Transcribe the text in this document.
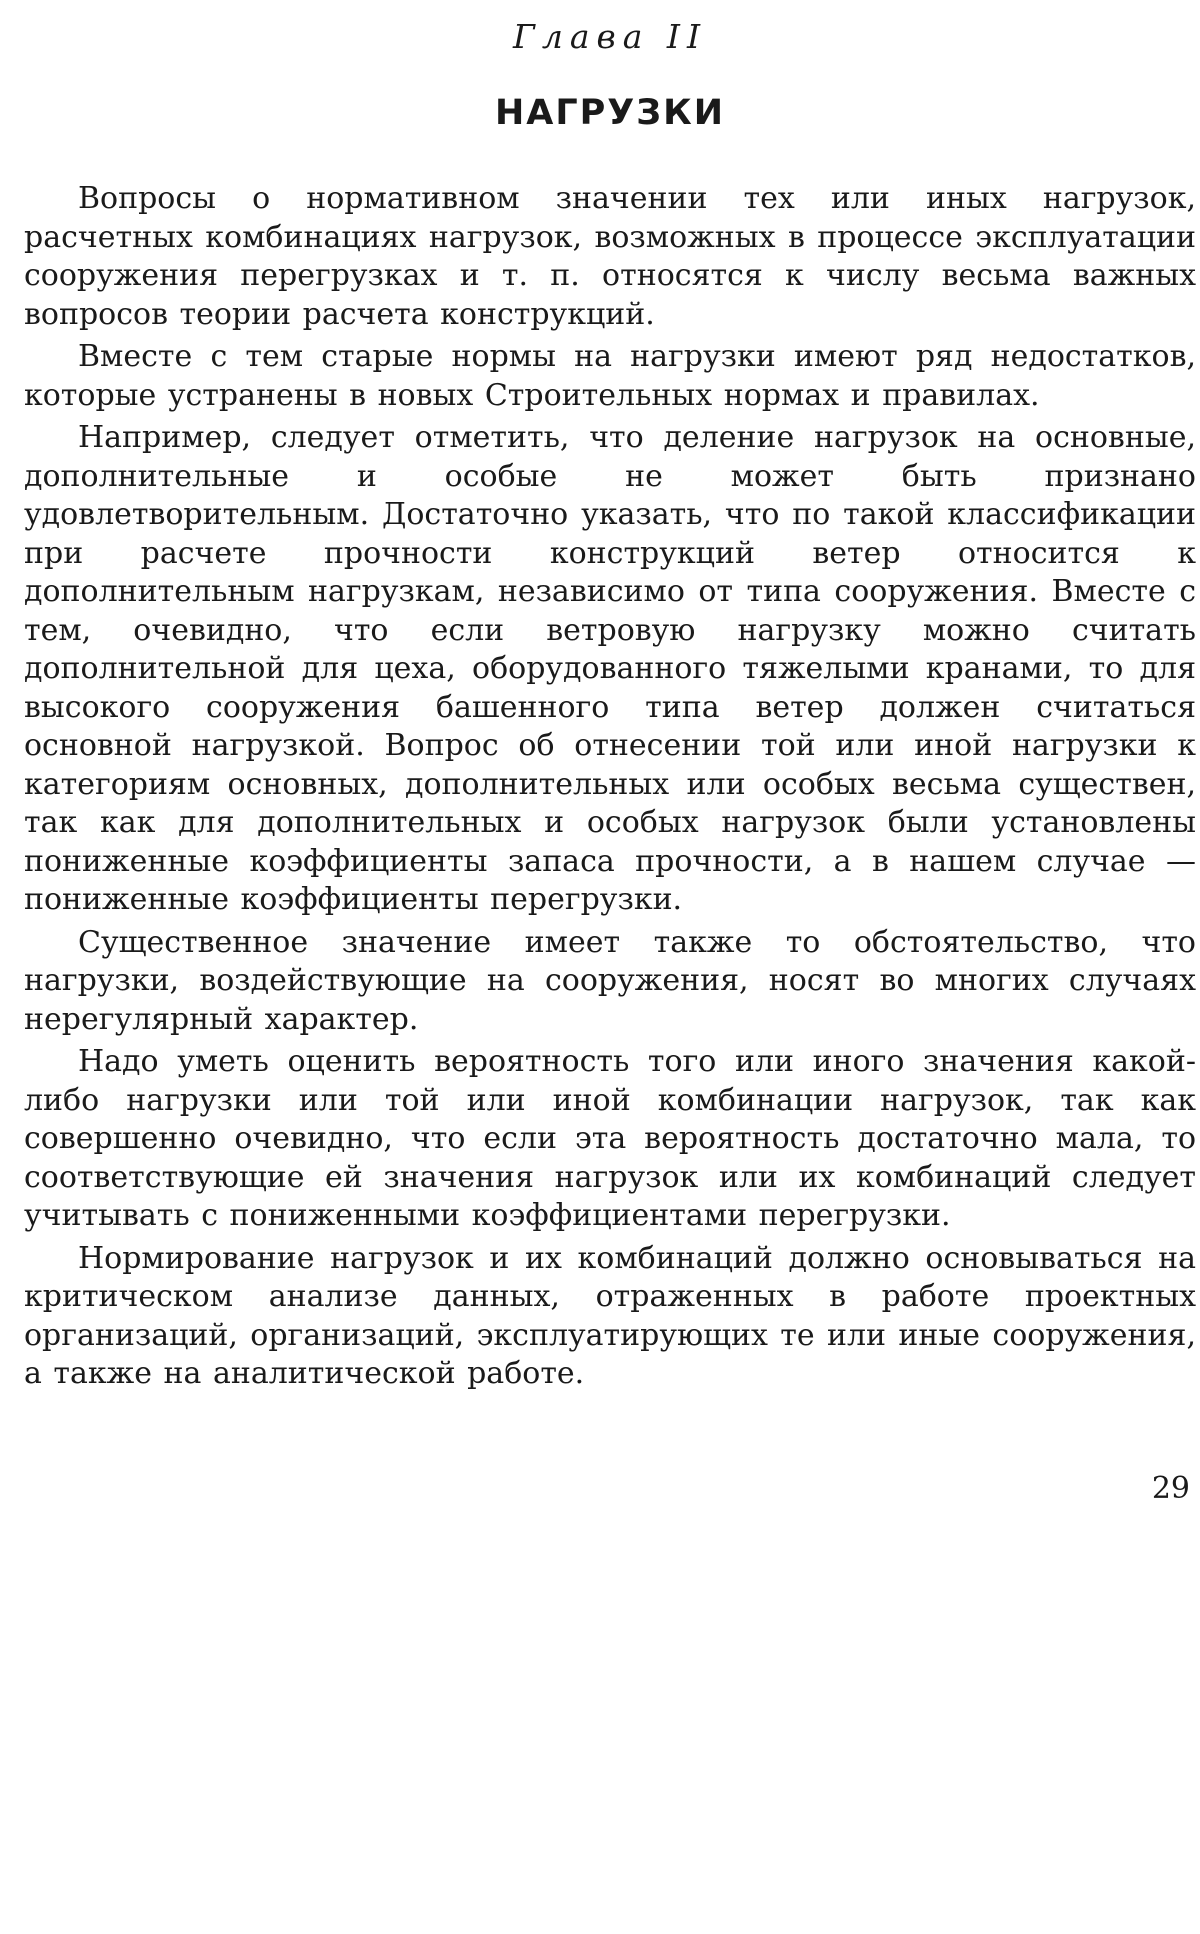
Глава II
НАГРУЗКИ

Вопросы о нормативном значении тех или иных нагрузок, расчетных комбинациях нагрузок, возможных в процессе эксплуатации сооружения перегрузках и т. п. относятся к числу весьма важных вопросов теории расчета конструкций.

Вместе с тем старые нормы на нагрузки имеют ряд недостатков, которые устранены в новых Строительных нормах и правилах.

Например, следует отметить, что деление нагрузок на основные, дополнительные и особые не может быть признано удовлетворительным. Достаточно указать, что по такой классификации при расчете прочности конструкций ветер относится к дополнительным нагрузкам, независимо от типа сооружения. Вместе с тем, очевидно, что если ветровую нагрузку можно считать дополнительной для цеха, оборудованного тяжелыми кранами, то для высокого сооружения башенного типа ветер должен считаться основной нагрузкой. Вопрос об отнесении той или иной нагрузки к категориям основных, дополнительных или особых весьма существен, так как для дополнительных и особых нагрузок были установлены пониженные коэффициенты запаса прочности, а в нашем случае — пониженные коэффициенты перегрузки.

Существенное значение имеет также то обстоятельство, что нагрузки, воздействующие на сооружения, носят во многих случаях нерегулярный характер.

Надо уметь оценить вероятность того или иного значения какой-либо нагрузки или той или иной комбинации нагрузок, так как совершенно очевидно, что если эта вероятность достаточно мала, то соответствующие ей значения нагрузок или их комбинаций следует учитывать с пониженными коэффициентами перегрузки.

Нормирование нагрузок и их комбинаций должно основываться на критическом анализе данных, отраженных в работе проектных организаций, организаций, эксплуатирующих те или иные сооружения, а также на аналитической работе.

29
